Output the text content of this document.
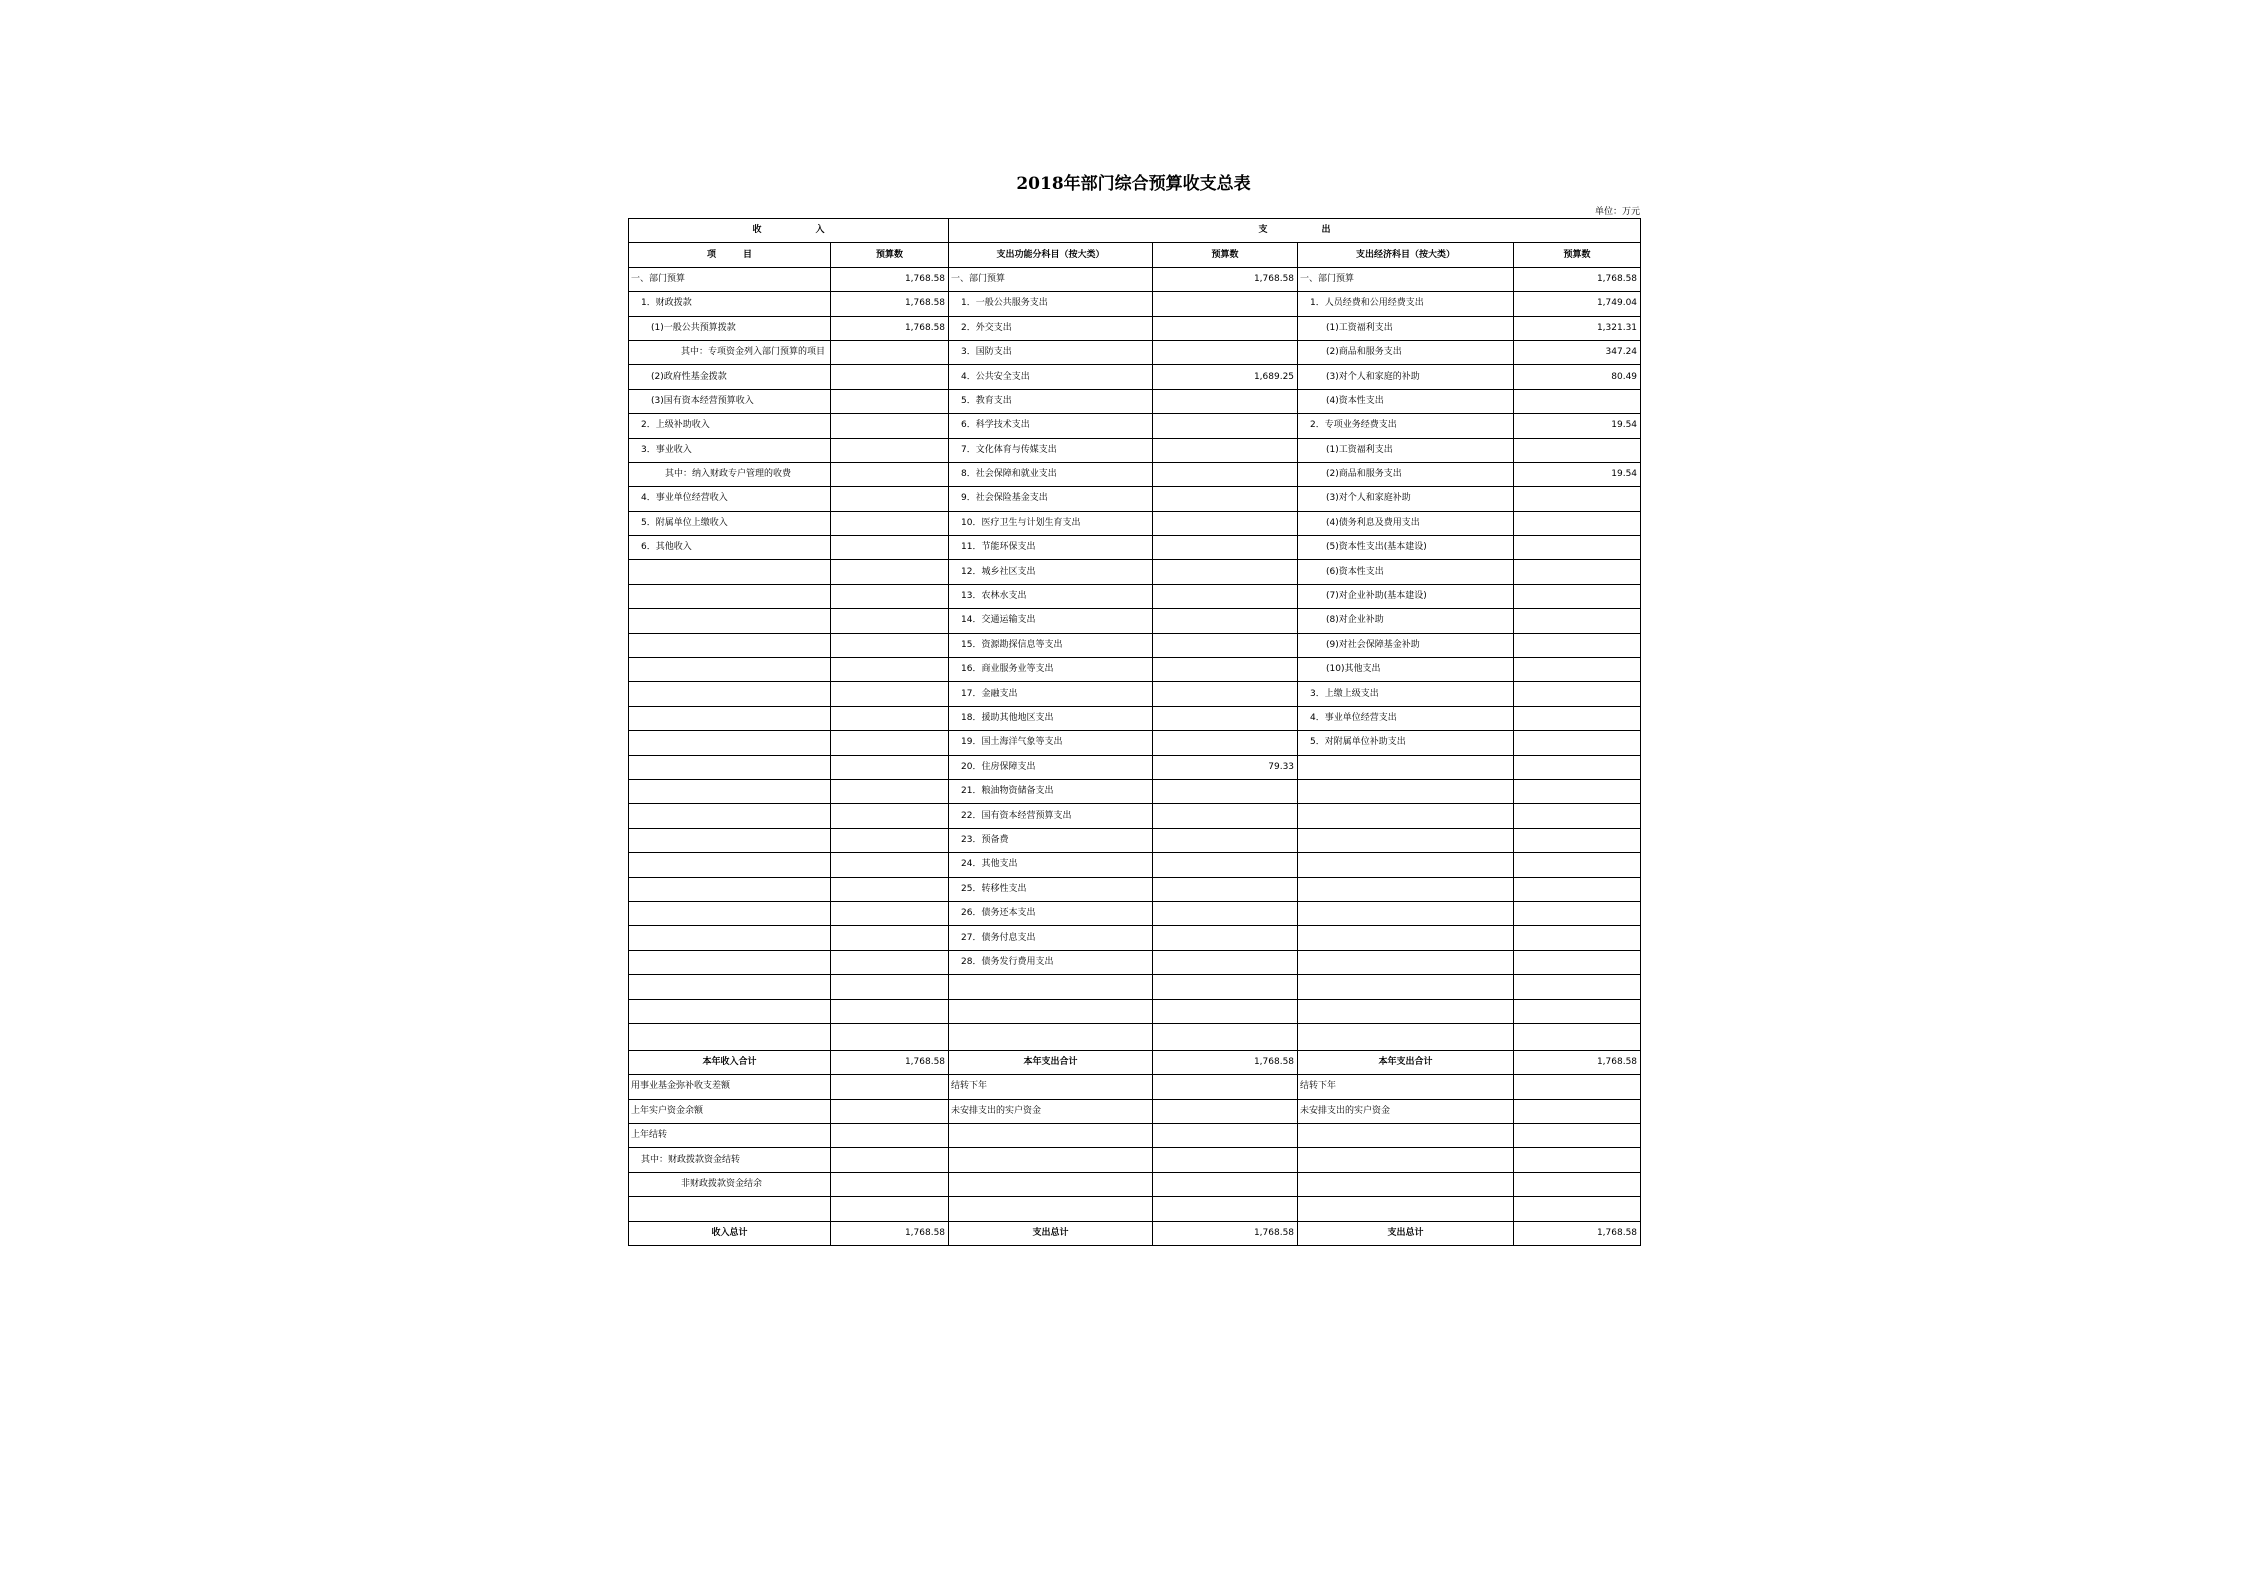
2018年部门综合预算收支总表
单位：万元
收　　　　　　入		支　　　　　　出			
项　　　目	预算数	支出功能分科目（按大类）	预算数	支出经济科目（按大类）	预算数
一、部门预算	1,768.58	一、部门预算	1,768.58	一、部门预算	1,768.58
1．财政拨款	1,768.58	1．一般公共服务支出		1．人员经费和公用经费支出	1,749.04
(1)一般公共预算拨款	1,768.58	2．外交支出		(1)工资福利支出	1,321.31
其中：专项资金列入部门预算的项目		3．国防支出		(2)商品和服务支出	347.24
(2)政府性基金拨款		4．公共安全支出	1,689.25	(3)对个人和家庭的补助	80.49
(3)国有资本经营预算收入		5．教育支出		(4)资本性支出	
2．上级补助收入		6．科学技术支出		2．专项业务经费支出	19.54
3．事业收入		7．文化体育与传媒支出		(1)工资福利支出	
其中：纳入财政专户管理的收费		8．社会保障和就业支出		(2)商品和服务支出	19.54
4．事业单位经营收入		9．社会保险基金支出		(3)对个人和家庭补助	
5．附属单位上缴收入		10．医疗卫生与计划生育支出		(4)债务利息及费用支出	
6．其他收入		11．节能环保支出		(5)资本性支出(基本建设)	
		12．城乡社区支出		(6)资本性支出	
		13．农林水支出		(7)对企业补助(基本建设)	
		14．交通运输支出		(8)对企业补助	
		15．资源勘探信息等支出		(9)对社会保障基金补助	
		16．商业服务业等支出		(10)其他支出	
		17．金融支出		3．上缴上级支出	
		18．援助其他地区支出		4．事业单位经营支出	
		19．国土海洋气象等支出		5．对附属单位补助支出	
		20．住房保障支出	79.33		
		21．粮油物资储备支出			
		22．国有资本经营预算支出			
		23．预备费			
		24．其他支出			
		25．转移性支出			
		26．债务还本支出			
		27．债务付息支出			
		28．债务发行费用支出			

本年收入合计	1,768.58	本年支出合计	1,768.58	本年支出合计	1,768.58
用事业基金弥补收支差额		结转下年		结转下年	
上年实户资金余额		未安排支出的实户资金		未安排支出的实户资金	
上年结转					
其中：财政拨款资金结转					
非财政拨款资金结余					

收入总计	1,768.58	支出总计	1,768.58	支出总计	1,768.58
